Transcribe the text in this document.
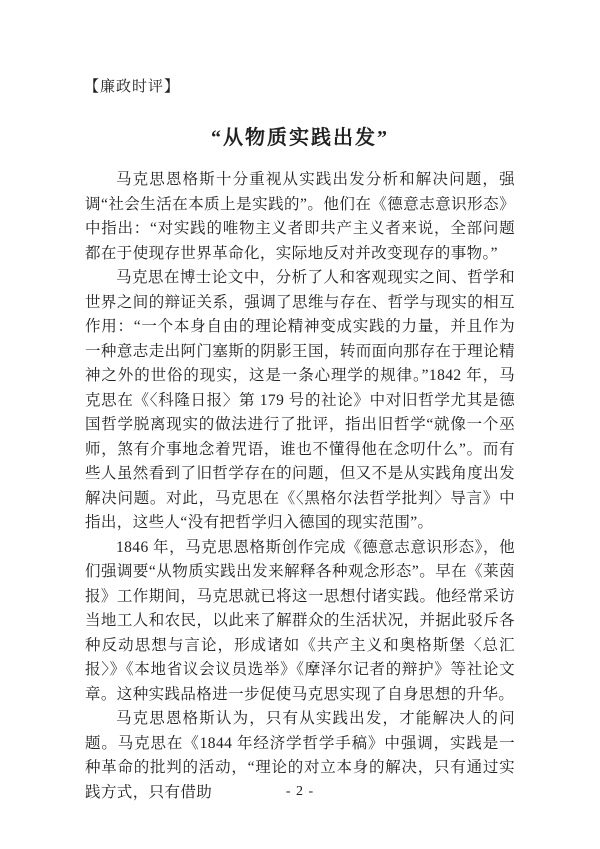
【廉政时评】
“从物质实践出发”

马克思恩格斯十分重视从实践出发分析和解决问题，强调“社会生活在本质上是实践的”。他们在《德意志意识形态》中指出：“对实践的唯物主义者即共产主义者来说，全部问题都在于使现存世界革命化，实际地反对并改变现存的事物。”

马克思在博士论文中，分析了人和客观现实之间、哲学和世界之间的辩证关系，强调了思维与存在、哲学与现实的相互作用：“一个本身自由的理论精神变成实践的力量，并且作为一种意志走出阿门塞斯的阴影王国，转而面向那存在于理论精神之外的世俗的现实，这是一条心理学的规律。”1842 年，马克思在《〈科隆日报〉第 179 号的社论》中对旧哲学尤其是德国哲学脱离现实的做法进行了批评，指出旧哲学“就像一个巫师，煞有介事地念着咒语，谁也不懂得他在念叨什么”。而有些人虽然看到了旧哲学存在的问题，但又不是从实践角度出发解决问题。对此，马克思在《〈黑格尔法哲学批判〉导言》中指出，这些人“没有把哲学归入德国的现实范围”。

1846 年，马克思恩格斯创作完成《德意志意识形态》，他们强调要“从物质实践出发来解释各种观念形态”。早在《莱茵报》工作期间，马克思就已将这一思想付诸实践。他经常采访当地工人和农民，以此来了解群众的生活状况，并据此驳斥各种反动思想与言论，形成诸如《共产主义和奥格斯堡〈总汇报〉》《本地省议会议员选举》《摩泽尔记者的辩护》等社论文章。这种实践品格进一步促使马克思实现了自身思想的升华。

马克思恩格斯认为，只有从实践出发，才能解决人的问题。马克思在《1844 年经济学哲学手稿》中强调，实践是一种革命的批判的活动，“理论的对立本身的解决，只有通过实践方式，只有借助	- 2 -
